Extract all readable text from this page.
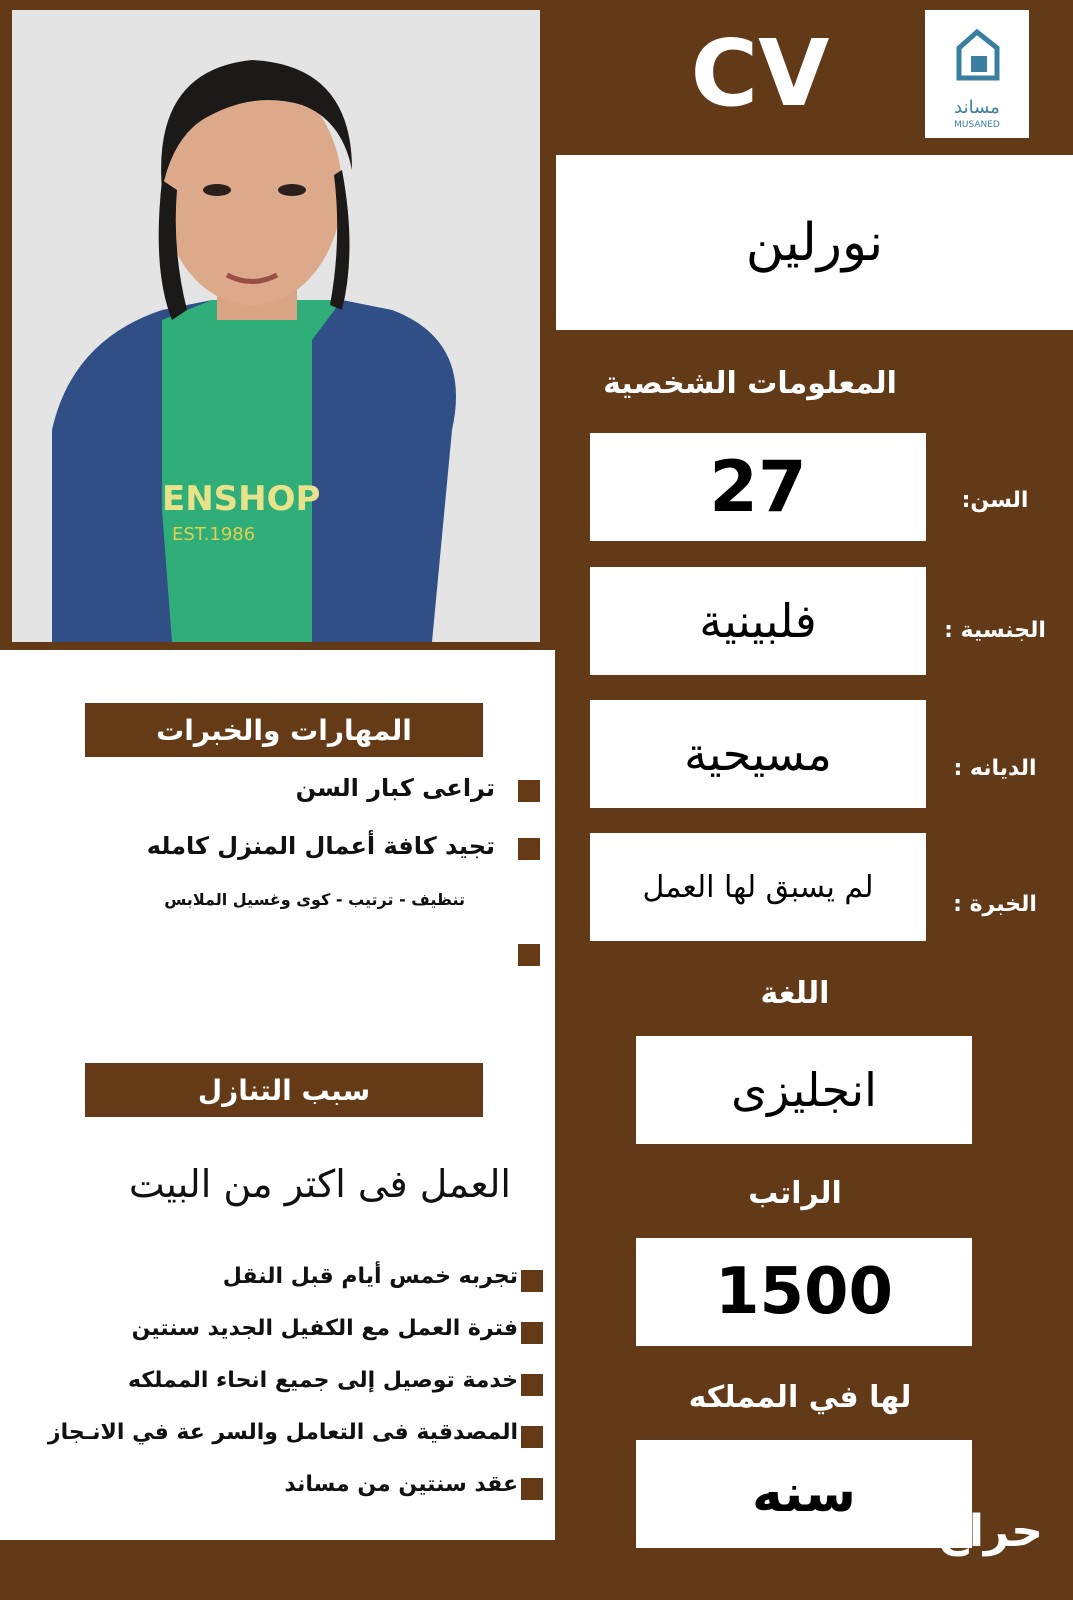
ENSHOP
EST.1986
CV	مساند
MUSANED
نورلين
المعلومات الشخصية
27	السن:
فلبينية	الجنسية :
مسيحية	الديانه :
لم يسبق لها العمل	الخبرة :
اللغة
انجليزى
الراتب
1500
لها في المملكه
سنه
المهارات والخبرات
تراعى كبار السن
تجيد كافة أعمال المنزل كامله
تنظيف - ترتيب - كوى وغسيل الملابس
سبب التنازل
العمل فى اكتر من البيت
تجربه خمس أيام قبل النقل
فترة العمل مع الكفيل الجديد سنتين
خدمة توصيل إلى جميع انحاء المملكه
المصدقية فى التعامل والسر عة في الانـجاز
عقد سنتين من مساند
حراج1
